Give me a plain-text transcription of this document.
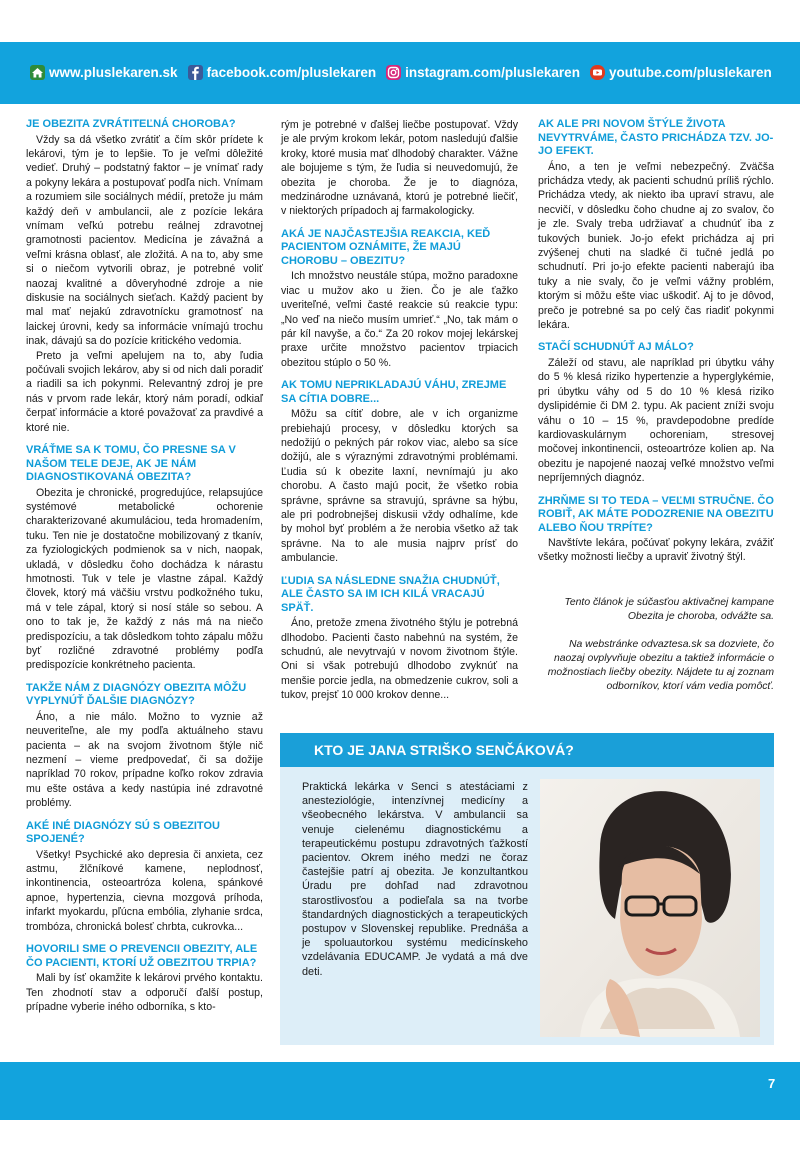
www.pluslekaren.sk facebook.com/pluslekaren instagram.com/pluslekaren youtube.com/pluslekaren
JE OBEZITA ZVRÁTITEĽNÁ CHOROBA?

Vždy sa dá všetko zvrátiť a čím skôr prídete k lekárovi, tým je to lepšie. To je veľmi dôležité vedieť. Druhý – podstatný faktor – je vnímať rady a pokyny lekára a postupovať podľa nich. Vnímam a rozumiem sile sociálnych médií, pretože ju mám každý deň v ambulancii, ale z pozície lekára vnímam veľkú potrebu reálnej zdravotnej gramotnosti pacientov. Medicína je závažná a veľmi krásna oblasť, ale zložitá. A na to, aby sme si o niečom vytvorili obraz, je potrebné voliť naozaj kvalitné a dôveryhodné zdroje a nie diskusie na sociálnych sieťach. Každý pacient by mal mať nejakú zdravotnícku gramotnosť na laickej úrovni, kedy sa informácie vnímajú trochu inak, dávajú sa do pozície kritického vedomia.

Preto ja veľmi apelujem na to, aby ľudia počúvali svojich lekárov, aby si od nich dali poradiť a riadili sa ich pokynmi. Relevantný zdroj je pre nás v prvom rade lekár, ktorý nám poradí, odkiaľ čerpať informácie a ktoré považovať za pravdivé a ktoré nie.

VRÁŤME SA K TOMU, ČO PRESNE SA V NAŠOM TELE DEJE, AK JE NÁM DIAGNOSTIKOVANÁ OBEZITA?

Obezita je chronické, progredujúce, relapsujúce systémové metabolické ochorenie charakterizované akumuláciou, teda hromadením, tuku. Ten nie je dostatočne mobilizovaný z tkanív, za fyziologických podmienok sa v nich, naopak, ukladá, v dôsledku čoho dochádza k nárastu hmotnosti. Tuk v tele je vlastne zápal. Každý človek, ktorý má väčšiu vrstvu podkožného tuku, má v tele zápal, ktorý si nosí stále so sebou. A ono to tak je, že každý z nás má na niečo predispozíciu, a tak dôsledkom tohto zápalu môžu byť rozličné zdravotné problémy podľa predispozície konkrétneho pacienta.

TAKŽE NÁM Z DIAGNÓZY OBEZITA MÔŽU VYPLYNÚŤ ĎALŠIE DIAGNÓZY?

Áno, a nie málo. Možno to vyznie až neuveriteľne, ale my podľa aktuálneho stavu pacienta – ak na svojom životnom štýle nič nezmení – vieme predpovedať, či sa dožije napríklad 70 rokov, prípadne koľko rokov zdravia mu ešte ostáva a kedy nastúpia iné zdravotné problémy.

AKÉ INÉ DIAGNÓZY SÚ S OBEZITOU SPOJENÉ?

Všetky! Psychické ako depresia či anxieta, cez astmu, žlčníkové kamene, neplodnosť, inkontinencia, osteoartróza kolena, spánkové apnoe, hypertenzia, cievna mozgová príhoda, infarkt myokardu, pľúcna embólia, zlyhanie srdca, trombóza, chronická bolesť chrbta, cukrovka...

HOVORILI SME O PREVENCII OBEZITY, ALE ČO PACIENTI, KTORÍ UŽ OBEZITOU TRPIA?

Mali by ísť okamžite k lekárovi prvého kontaktu. Ten zhodnotí stav a odporučí ďalší postup, prípadne vyberie iného odborníka, s kto-

rým je potrebné v ďalšej liečbe postupovať. Vždy je ale prvým krokom lekár, potom nasledujú ďalšie kroky, ktoré musia mať dlhodobý charakter. Vážne ale bojujeme s tým, že ľudia si neuvedomujú, že obezita je choroba. Že je to diagnóza, medzinárodne uznávaná, ktorú je potrebné liečiť, v niektorých prípadoch aj farmakologicky.

AKÁ JE NAJČASTEJŠIA REAKCIA, KEĎ PACIENTOM OZNÁMITE, ŽE MAJÚ CHOROBU – OBEZITU?

Ich množstvo neustále stúpa, možno paradoxne viac u mužov ako u žien. Čo je ale ťažko uveriteľné, veľmi časté reakcie sú reakcie typu: „No veď na niečo musím umrieť.“ „No, tak mám o pár kíl navyše, a čo.“ Za 20 rokov mojej lekárskej praxe určite množstvo pacientov trpiacich obezitou stúplo o 50 %.

AK TOMU NEPRIKLADAJÚ VÁHU, ZREJME SA CÍTIA DOBRE...

Môžu sa cítiť dobre, ale v ich organizme prebiehajú procesy, v dôsledku ktorých sa nedožijú o pekných pár rokov viac, alebo sa síce dožijú, ale s výraznými zdravotnými problémami. Ľudia sú k obezite laxní, nevnímajú ju ako chorobu. A často majú pocit, že všetko robia správne, správne sa stravujú, správne sa hýbu, ale pri podrobnejšej diskusii vždy odhalíme, kde by mohol byť problém a že nerobia všetko až tak správne. Na to ale musia najprv prísť do ambulancie.

ĽUDIA SA NÁSLEDNE SNAŽIA CHUDNÚŤ, ALE ČASTO SA IM ICH KILÁ VRACAJÚ SPÄŤ.

Áno, pretože zmena životného štýlu je potrebná dlhodobo. Pacienti často nabehnú na systém, že schudnú, ale nevytrvajú v novom životnom štýle. Oni si však potrebujú dlhodobo zvyknúť na menšie porcie jedla, na obmedzenie cukrov, soli a tukov, prejsť 10 000 krokov denne...

AK ALE PRI NOVOM ŠTÝLE ŽIVOTA NEVYTRVÁME, ČASTO PRICHÁDZA TZV. JO-JO EFEKT.

Áno, a ten je veľmi nebezpečný. Zväčša prichádza vtedy, ak pacienti schudnú príliš rýchlo. Prichádza vtedy, ak niekto iba upraví stravu, ale necvičí, v dôsledku čoho chudne aj zo svalov, čo je zle. Svaly treba udržiavať a chudnúť iba z tukových buniek. Jo-jo efekt prichádza aj pri zvýšenej chuti na sladké či tučné jedlá po schudnutí. Pri jo-jo efekte pacienti naberajú iba tuky a nie svaly, čo je veľmi vážny problém, ktorým si môžu ešte viac uškodiť. Aj to je dôvod, prečo je potrebné sa po celý čas riadiť pokynmi lekára.

STAČÍ SCHUDNÚŤ AJ MÁLO?

Záleží od stavu, ale napríklad pri úbytku váhy do 5 % klesá riziko hypertenzie a hyperglykémie, pri úbytku váhy od 5 do 10 % klesá riziko dyslipidémie či DM 2. typu. Ak pacient zníži svoju váhu o 10 – 15 %, pravdepodobne predíde kardiovaskulárnym ochoreniam, stresovej močovej inkontinencii, osteoartróze kolien ap. Na obezitu je napojené naozaj veľké množstvo veľmi nepríjemných diagnóz.

ZHRŇME SI TO TEDA – VEĽMI STRUČNE. ČO ROBIŤ, AK MÁTE PODOZRENIE NA OBEZITU ALEBO ŇOU TRPÍTE?

Navštívte lekára, počúvať pokyny lekára, zvážiť všetky možnosti liečby a upraviť životný štýl.

Tento článok je súčasťou aktivačnej kampane Obezita je choroba, odvážte sa.
Na webstránke odvaztesa.sk sa dozviete, čo naozaj ovplyvňuje obezitu a taktiež informácie o možnostiach liečby obezity. Nájdete tu aj zoznam odborníkov, ktorí vám vedia pomôcť.
KTO JE JANA STRIŠKO SENČÁKOVÁ?
Praktická lekárka v Senci s atestáciami z anesteziológie, intenzívnej medicíny a všeobecného lekárstva. V ambulancii sa venuje cielenému diagnostickému a terapeutickému postupu zdravotných ťažkostí pacientov. Okrem iného medzi ne čoraz častejšie patrí aj obezita. Je konzultantkou Úradu pre dohľad nad zdravotnou starostlivosťou a podieľala sa na tvorbe štandardných diagnostických a terapeutických postupov v Slovenskej republike. Prednáša a je spoluautorkou systému medicínskeho vzdelávania EDUCAMP. Je vydatá a má dve deti.
7
